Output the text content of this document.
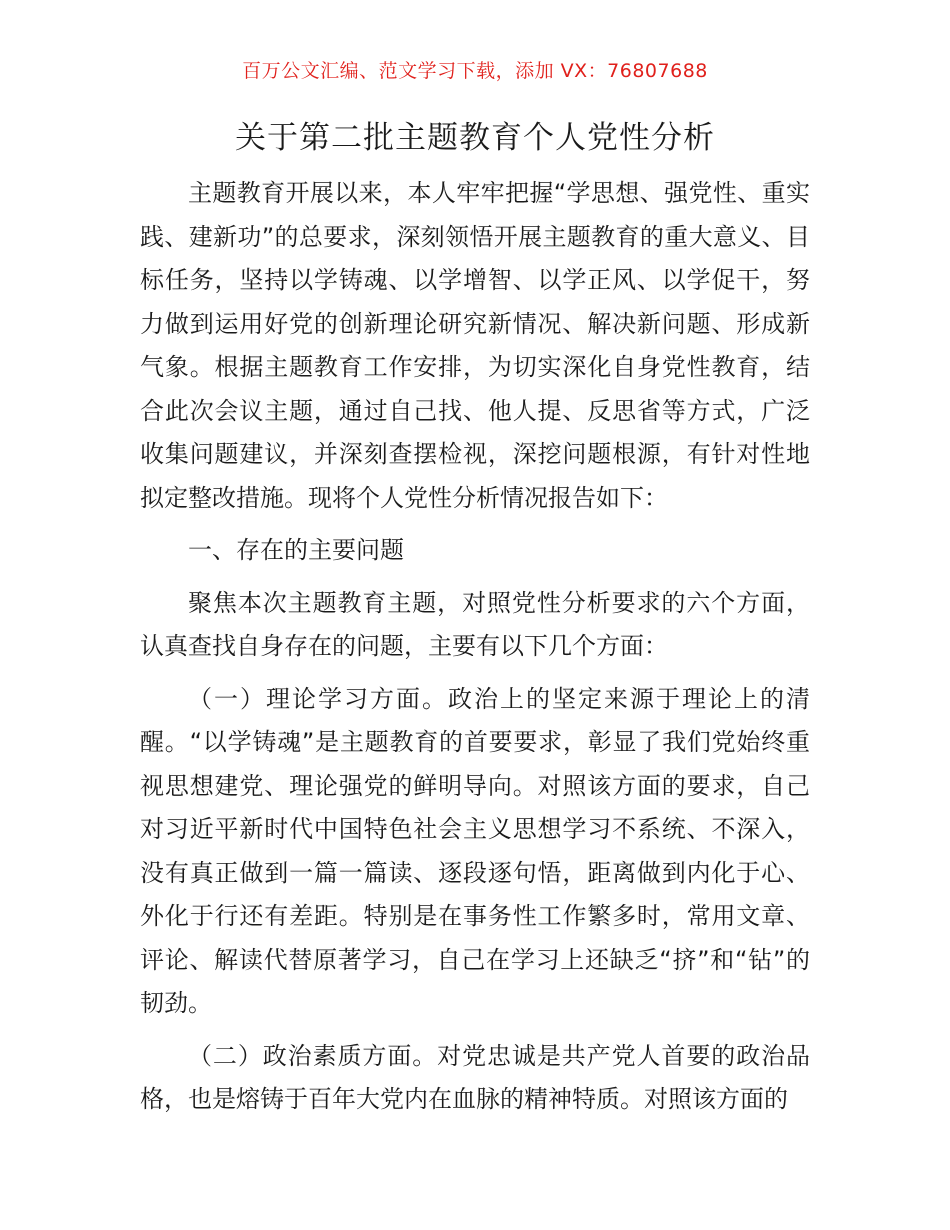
百万公文汇编、范文学习下载，添加 VX：76807688
关于第二批主题教育个人党性分析

主题教育开展以来，本人牢牢把握“学思想、强党性、重实践、建新功”的总要求，深刻领悟开展主题教育的重大意义、目标任务，坚持以学铸魂、以学增智、以学正风、以学促干，努力做到运用好党的创新理论研究新情况、解决新问题、形成新气象。根据主题教育工作安排，为切实深化自身党性教育，结合此次会议主题，通过自己找、他人提、反思省等方式，广泛收集问题建议，并深刻查摆检视，深挖问题根源，有针对性地拟定整改措施。现将个人党性分析情况报告如下：

一、存在的主要问题

聚焦本次主题教育主题，对照党性分析要求的六个方面，认真查找自身存在的问题，主要有以下几个方面：

（一）理论学习方面。政治上的坚定来源于理论上的清醒。“以学铸魂”是主题教育的首要要求，彰显了我们党始终重视思想建党、理论强党的鲜明导向。对照该方面的要求，自己对习近平新时代中国特色社会主义思想学习不系统、不深入，没有真正做到一篇一篇读、逐段逐句悟，距离做到内化于心、外化于行还有差距。特别是在事务性工作繁多时，常用文章、评论、解读代替原著学习，自己在学习上还缺乏“挤”和“钻”的韧劲。

（二）政治素质方面。对党忠诚是共产党人首要的政治品格，也是熔铸于百年大党内在血脉的精神特质。对照该方面的
